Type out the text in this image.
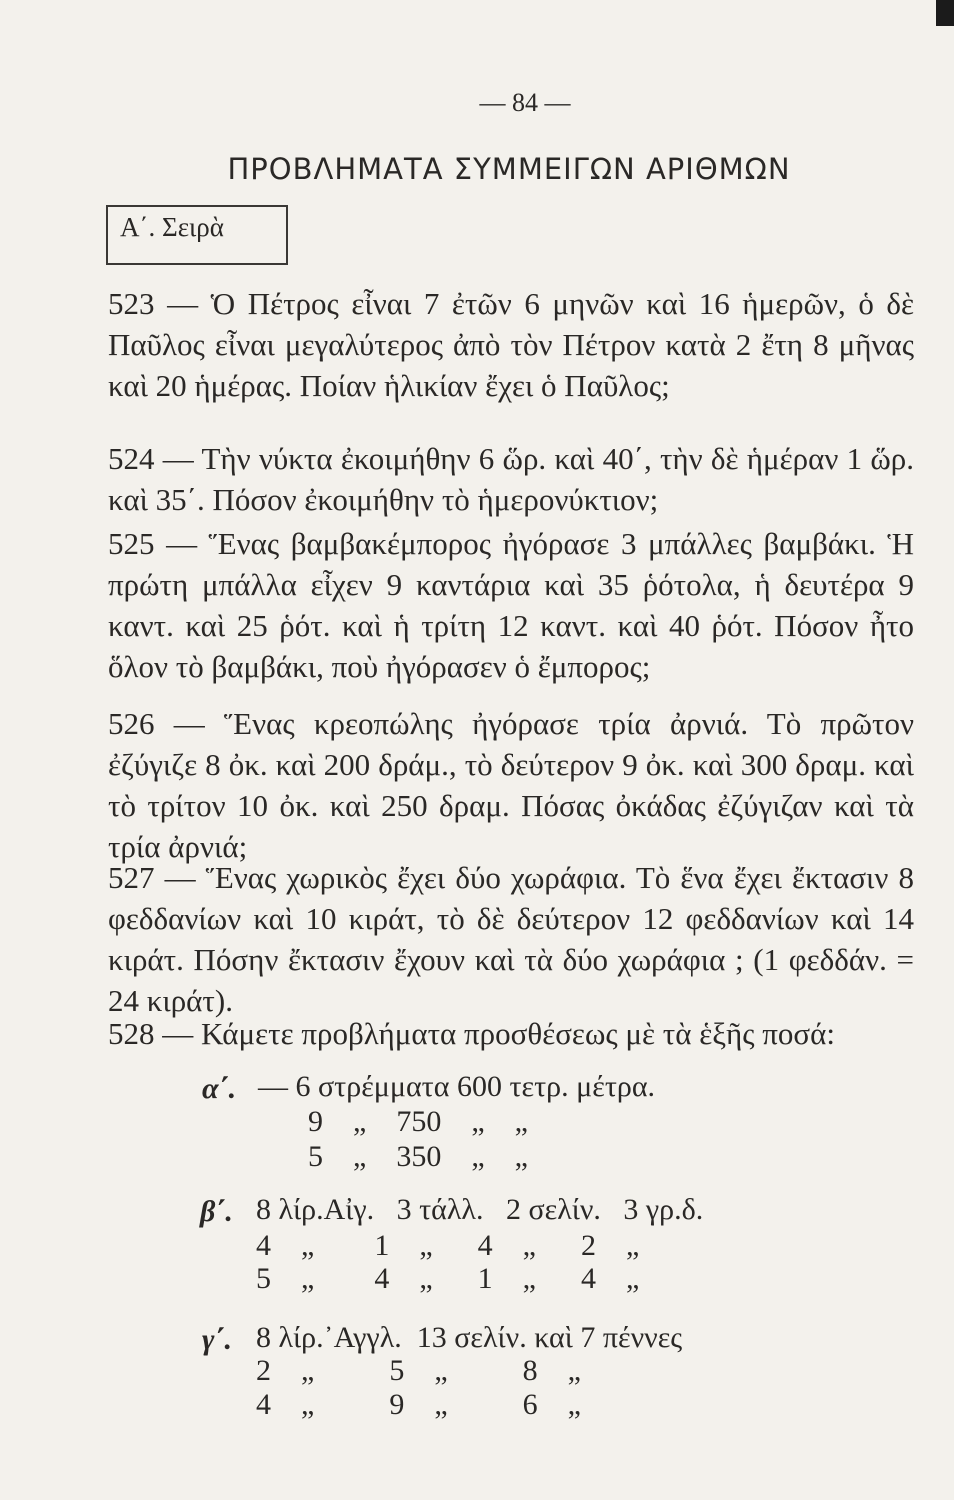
— 84 —
ΠΡΟΒΛΗΜΑΤΑ ΣΥΜΜΕΙΓΩΝ ΑΡΙΘΜΩΝ
Α΄. Σειρὰ
523 — Ὁ Πέτρος εἶναι 7 ἐτῶν 6 μηνῶν καὶ 16 ἡμερῶν, ὁ δὲ Παῦλος εἶναι μεγαλύτερος ἀπὸ τὸν Πέτρον κατὰ 2 ἔτη 8 μῆνας καὶ 20 ἡμέρας. Ποίαν ἡλικίαν ἔχει ὁ Παῦλος;
524 — Τὴν νύκτα ἐκοιμήθην 6 ὥρ. καὶ 40΄, τὴν δὲ ἡμέραν 1 ὥρ. καὶ 35΄. Πόσον ἐκοιμήθην τὸ ἡμερονύκτιον;
525 — Ἕνας βαμβακέμπορος ἠγόρασε 3 μπάλλες βαμβάκι. Ἡ πρώτη μπάλλα εἶχεν 9 καντάρια καὶ 35 ῥότολα, ἡ δευτέρα 9 καντ. καὶ 25 ῥότ. καὶ ἡ τρίτη 12 καντ. καὶ 40 ῥότ. Πόσον ἦτο ὅλον τὸ βαμβάκι, ποὺ ἠγόρασεν ὁ ἔμπορος;
526 — Ἕνας κρεοπώλης ἠγόρασε τρία ἀρνιά. Τὸ πρῶτον ἐζύγιζε 8 ὀκ. καὶ 200 δράμ., τὸ δεύτερον 9 ὀκ. καὶ 300 δραμ. καὶ τὸ τρίτον 10 ὀκ. καὶ 250 δραμ. Πόσας ὀκάδας ἐζύγιζαν καὶ τὰ τρία ἀρνιά;
527 — Ἕνας χωρικὸς ἔχει δύο χωράφια. Τὸ ἕνα ἔχει ἔκτασιν 8 φεδδανίων καὶ 10 κιράτ, τὸ δὲ δεύτερον 12 φεδδανίων καὶ 14 κιράτ. Πόσην ἔκτασιν ἔχουν καὶ τὰ δύο χωράφια ; (1 φεδδάν. = 24 κιράτ).
528 — Κάμετε προβλήματα προσθέσεως μὲ τὰ ἑξῆς ποσά:
α΄. — 6 στρέμματα 600 τετρ. μέτρα.
9    „    750    „    „
5    „    350    „    „
β΄. 8 λίρ.Αἰγ.   3 τάλλ.   2 σελίν.   3 γρ.δ.
4    „        1    „      4    „      2    „
5    „        4    „      1    „      4    „
γ΄. 8 λίρ.᾿Αγγλ.  13 σελίν. καὶ 7 πέννες
2    „          5    „          8    „
4    „          9    „          6    „
